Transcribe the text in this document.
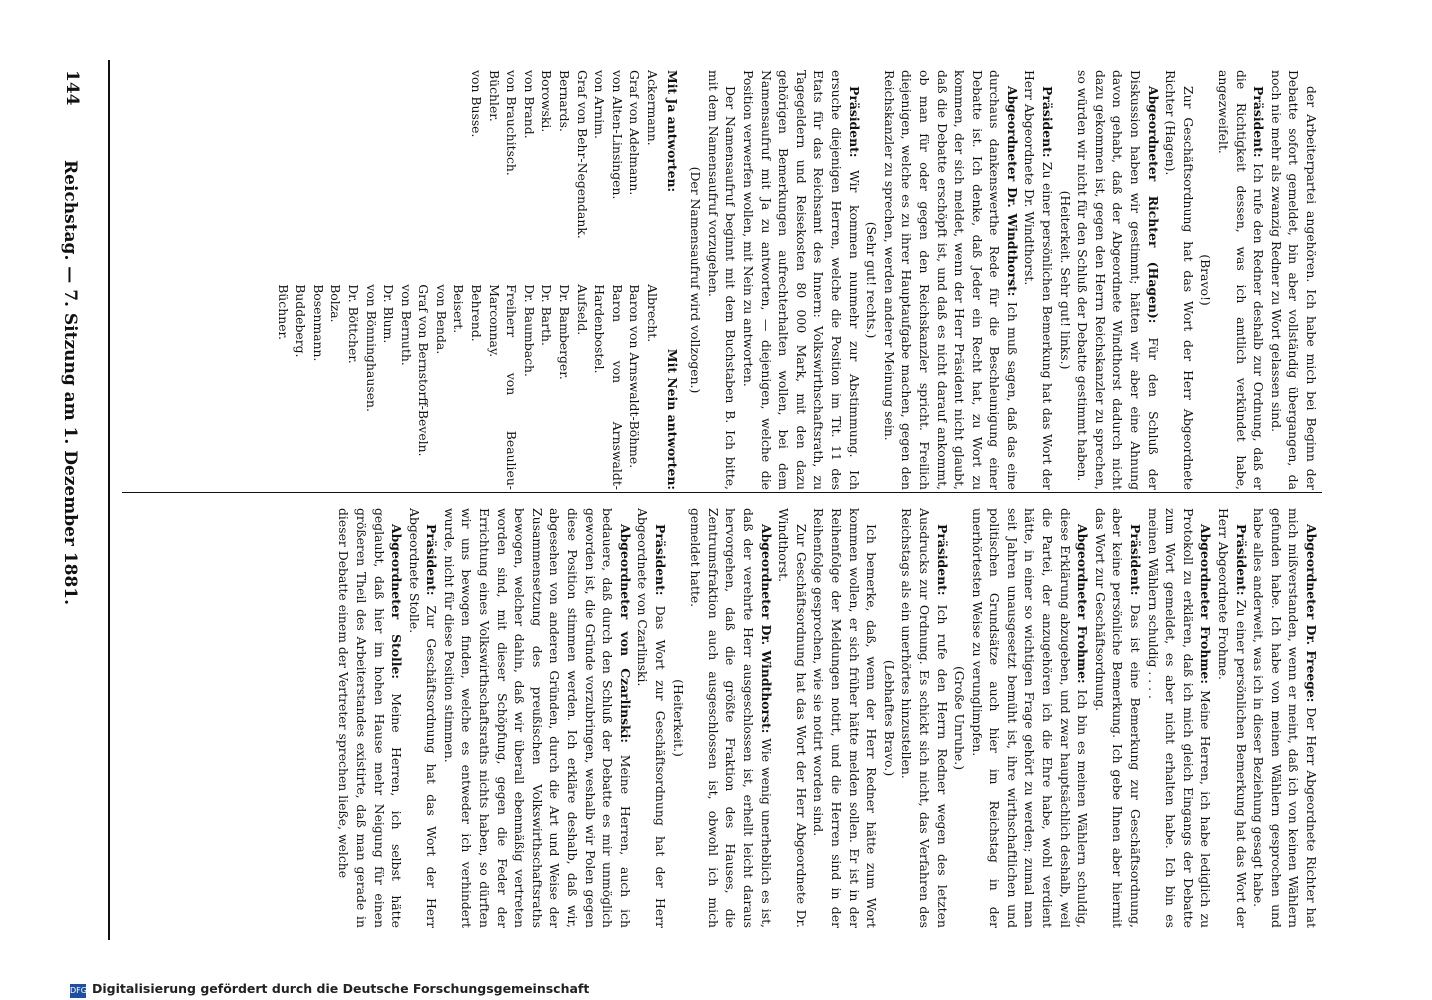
144
Reichstag. — 7. Sitzung am 1. Dezember 1881.

Abgeordneter Dr. Freege: Der Herr Abgeordnete Richter hat mich mißverstanden, wenn er meint, daß ich von keinen Wählern gefunden habe. Ich habe von meinen Wählern gesprochen und habe alles anderweit, was ich in dieser Beziehung gesagt habe.

Präsident: Zu einer persönlichen Bemerkung hat das Wort der Herr Abgeordnete Frohme.

Abgeordneter Frohme: Meine Herren, ich habe lediglich zu Protokoll zu erklären, daß ich mich gleich Eingangs der Debatte zum Wort gemeldet, es aber nicht erhalten habe. Ich bin es meinen Wählern schuldig . . . .

Präsident: Das ist eine Bemerkung zur Geschäftsordnung, aber keine persönliche Bemerkung. Ich gebe Ihnen aber hiermit das Wort zur Geschäftsordnung.

Abgeordneter Frohme: Ich bin es meinen Wählern schuldig, diese Erklärung abzugeben, und zwar hauptsächlich deshalb, weil die Partei, der anzugehören ich die Ehre habe, wohl verdient hätte, in einer so wichtigen Frage gehört zu werden; zumal man seit Jahren unausgesetzt bemüht ist, ihre wirthschaftlichen und politischen Grundsätze auch hier im Reichstag in der unerhörtesten Weise zu verunglimpfen.

(Große Unruhe.)

Präsident: Ich rufe den Herrn Redner wegen des letzten Ausdrucks zur Ordnung. Es schickt sich nicht, das Verfahren des Reichstags als ein unerhörtes hinzustellen.

(Lebhaftes Bravo.)

Ich bemerke, daß, wenn der Herr Redner hätte zum Wort kommen wollen, er sich früher hätte melden sollen. Er ist in der Reihenfolge der Meldungen notirt, und die Herren sind in der Reihenfolge gesprochen, wie sie notirt worden sind.

Zur Geschäftsordnung hat das Wort der Herr Abgeordnete Dr. Windthorst.

Abgeordneter Dr. Windthorst: Wie wenig unerheblich es ist, daß der verehrte Herr ausgeschlossen ist, erhellt leicht daraus hervorgehen, daß die größte Fraktion des Hauses, die Zentrumsfraktion auch ausgeschlossen ist, obwohl ich mich gemeldet hatte.

(Heiterkeit.)

Präsident: Das Wort zur Geschäftsordnung hat der Herr Abgeordnete von Czarlinski.

Abgeordneter von Czarlinski: Meine Herren, auch ich bedauere, daß durch den Schluß der Debatte es mir unmöglich geworden ist, die Gründe vorzubringen, weshalb wir Polen gegen diese Position stimmen werden. Ich erkläre deshalb, daß wir, abgesehen von anderen Gründen, durch die Art und Weise der Zusammensetzung des preußischen Volkswirthschaftsraths bewogen, welcher dahin, daß wir überall ebenmäßig vertreten worden sind, mit dieser Schöpfung, gegen die Feder der Errichtung eines Volkswirthschaftsraths nichts haben, so dürften wir uns bewogen finden, welche es entweder ich verhindert wurde, nicht für diese Position stimmen.

Präsident: Zur Geschäftsordnung hat das Wort der Herr Abgeordnete Stolle.

Abgeordneter Stolle: Meine Herren, ich selbst hätte geglaubt, daß hier im hohen Hause mehr Neigung für einen größeren Theil des Arbeiterstandes existirte, daß man gerade in dieser Debatte einem der Vertreter sprechen ließe, welche

der Arbeiterpartei angehören. Ich habe mich bei Beginn der Debatte sofort gemeldet, bin aber vollständig übergangen, da noch nie mehr als zwanzig Redner zu Wort gelassen sind.

Präsident: Ich rufe den Redner deshalb zur Ordnung, daß er die Richtigkeit dessen, was ich amtlich verkündet habe, angezweifelt.

(Bravo!)

Zur Geschäftsordnung hat das Wort der Herr Abgeordnete Richter (Hagen).

Abgeordneter Richter (Hagen): Für den Schluß der Diskussion haben wir gestimmt; hätten wir aber eine Ahnung davon gehabt, daß der Abgeordnete Windthorst dadurch nicht dazu gekommen ist, gegen den Herrn Reichskanzler zu sprechen, so würden wir nicht für den Schluß der Debatte gestimmt haben.

(Heiterkeit. Sehr gut! links.)

Präsident: Zu einer persönlichen Bemerkung hat das Wort der Herr Abgeordnete Dr. Windthorst.

Abgeordneter Dr. Windthorst: Ich muß sagen, daß das eine durchaus dankenswerthe Rede für die Beschleunigung einer Debatte ist. Ich denke, daß Jeder ein Recht hat, zu Wort zu kommen, der sich meldet, wenn der Herr Präsident nicht glaubt, daß die Debatte erschöpft ist, und daß es nicht darauf ankommt, ob man für oder gegen den Reichskanzler spricht. Freilich diejenigen, welche es zu ihrer Hauptaufgabe machen, gegen den Reichskanzler zu sprechen, werden anderer Meinung sein.

(Sehr gut! rechts.)

Präsident: Wir kommen nunmehr zur Abstimmung. Ich ersuche diejenigen Herren, welche die Position im Tit. 11 des Etats für das Reichsamt des Innern: Volkswirthschaftsrath, zu Tagegeldern und Reisekosten 80 000 Mark, mit den dazu gehörigen Bemerkungen aufrechterhalten wollen, bei dem Namensaufruf mit Ja zu antworten, — diejenigen, welche die Position verwerfen wollen, mit Nein zu antworten.

Der Namensaufruf beginnt mit dem Buchstaben B. Ich bitte, mit dem Namensaufruf vorzugehen.

(Der Namensaufruf wird vollzogen.)

Mit Ja antworten:
Mit Nein antworten:
Ackermann.
Graf von Adelmann.
von Alten-Linsingen.
von Arnim.
Graf von Behr-Negendank.
Bernards.
Borowski.
von Brand.
von Brauchitsch.
Büchler.
von Busse.
Albrecht.
Baron von Arnswaldt-Böhme.
Baron von Arnswaldt-Hardenbostel.
Aufseld.
Dr. Bamberger.
Dr. Barth.
Dr. Baumbach.
Freiherr von Beaulieu-Marconnay.
Behrend.
Beisert.
von Benda.
Graf von Bernstorff-Beveln.
von Bernuth.
Dr. Blum.
von Bönninghausen.
Dr. Böttcher.
Bolza.
Bosenmann.
Buddeberg.
Büchner.
DFG Digitalisierung gefördert durch die Deutsche Forschungsgemeinschaft
